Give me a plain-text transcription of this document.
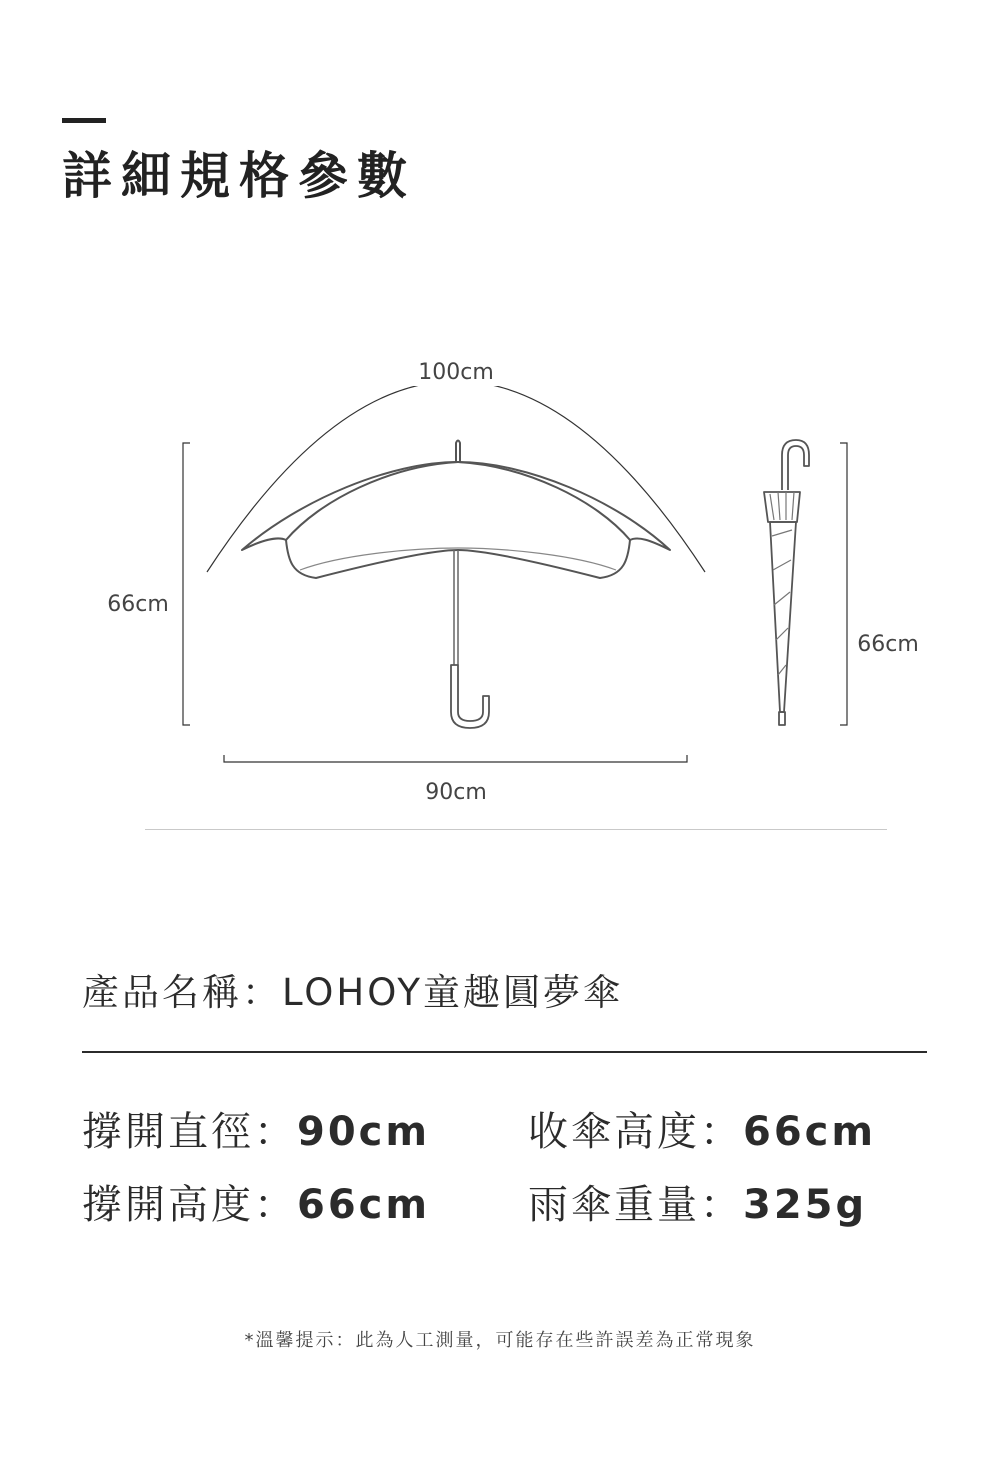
詳細規格參數
100cm
66cm
90cm
66cm
產品名稱：LOHOY童趣圓夢傘
撐開直徑：90cm 收傘高度：66cm
撐開高度：66cm 雨傘重量：325g
*溫馨提示：此為人工測量，可能存在些許誤差為正常現象
